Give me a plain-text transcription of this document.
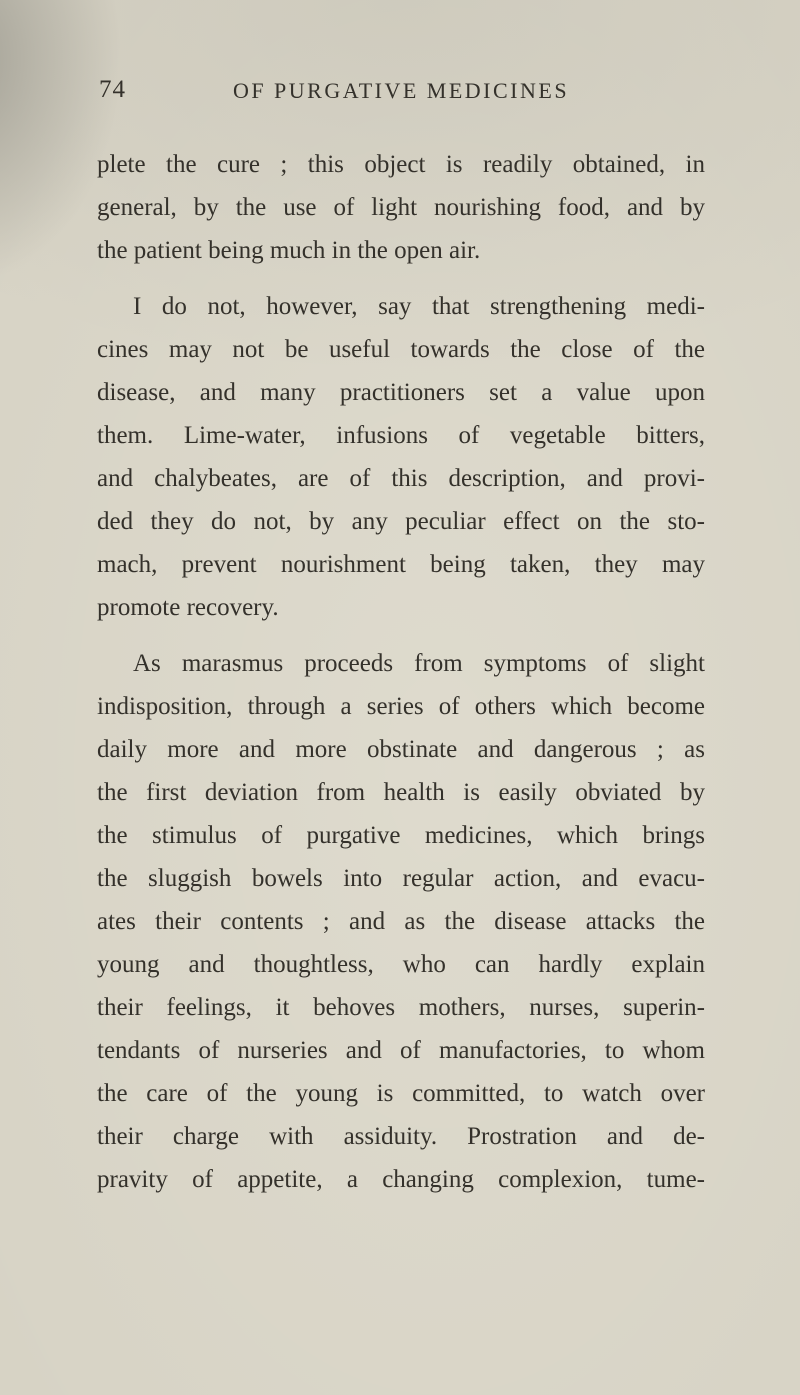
74	OF PURGATIVE MEDICINES
plete the cure ; this object is readily obtained, in
general, by the use of light nourishing food, and by
the patient being much in the open air.
I do not, however, say that strengthening medi-
cines may not be useful towards the close of the
disease, and many practitioners set a value upon
them. Lime-water, infusions of vegetable bitters,
and chalybeates, are of this description, and provi-
ded they do not, by any peculiar effect on the sto-
mach, prevent nourishment being taken, they may
promote recovery.
As marasmus proceeds from symptoms of slight
indisposition, through a series of others which become
daily more and more obstinate and dangerous ; as
the first deviation from health is easily obviated by
the stimulus of purgative medicines, which brings
the sluggish bowels into regular action, and evacu-
ates their contents ; and as the disease attacks the
young and thoughtless, who can hardly explain
their feelings, it behoves mothers, nurses, superin-
tendants of nurseries and of manufactories, to whom
the care of the young is committed, to watch over
their charge with assiduity. Prostration and de-
pravity of appetite, a changing complexion, tume-
